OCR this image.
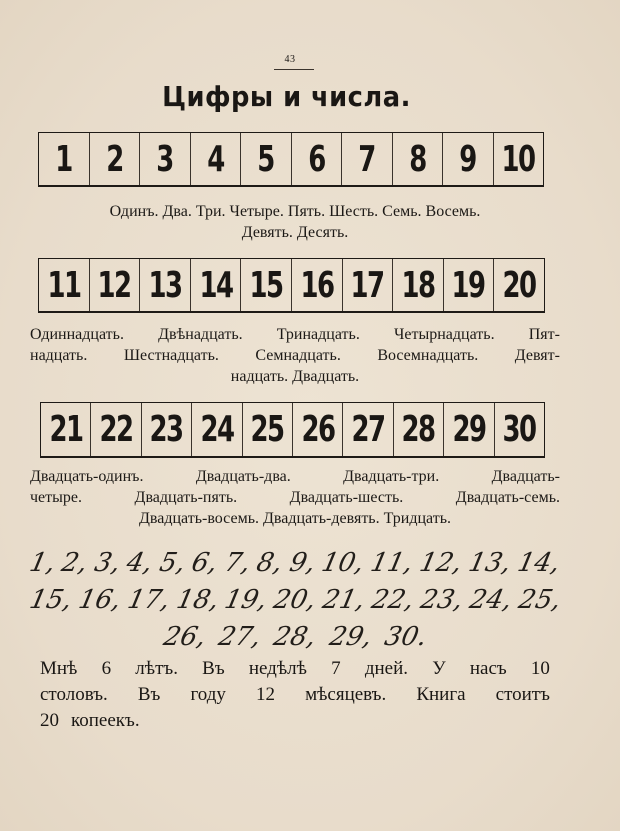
43
Цифры и числа.
1 2 3 4 5 6 7 8 9 10
Одинъ. Два. Три. Четыре. Пять. Шесть. Семь. Восемь.
Девять. Десять.
11 12 13 14 15 16 17 18 19 20
Одиннадцать. Двѣнадцать. Тринадцать. Четырнадцать. Пят-
надцать. Шестнадцать. Семнадцать. Восемнадцать. Девят-
надцать. Двадцать.
21 22 23 24 25 26 27 28 29 30
Двадцать-одинъ.	Двадцать-два.	Двадцать-три.	Двадцать-
четыре.	Двадцать-пять.	Двадцать-шесть.	Двадцать-семь.
Двадцать-восемь. Двадцать-девять. Тридцать.
1, 2, 3, 4, 5, 6, 7, 8, 9, 10, 11, 12, 13, 14,
15, 16, 17, 18, 19, 20, 21, 22, 23, 24, 25,
26, 27, 28, 29, 30.
Мнѣ 6 лѣтъ. Въ недѣлѣ 7 дней. У насъ 10
столовъ. Въ году 12 мѣсяцевъ. Книга стоитъ
20 копеекъ.
